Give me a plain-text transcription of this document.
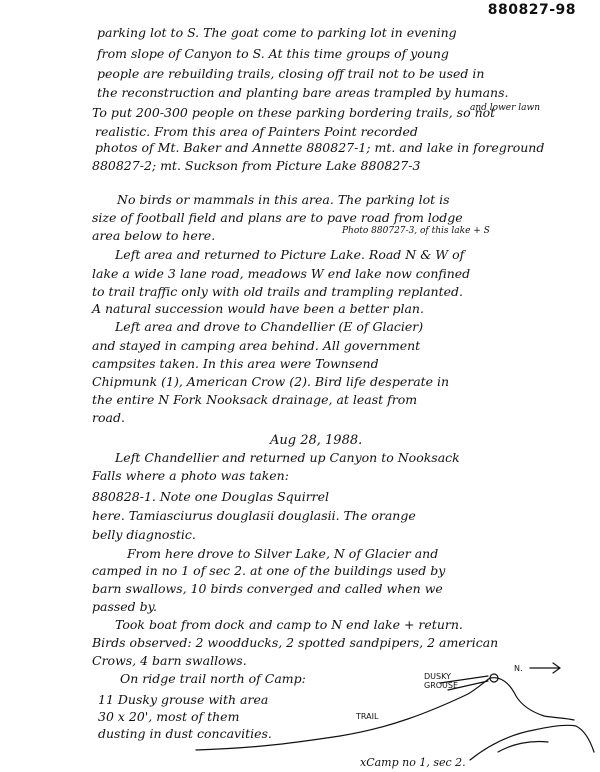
880827-98
parking lot to S. The goat come to parking lot in evening
from slope of Canyon to S. At this time groups of young
people are rebuilding trails, closing off trail not to be used in
the reconstruction and planting bare areas trampled by humans.
and lower lawn
To put 200-300 people on these parking bordering trails, so not
realistic. From this area of Painters Point recorded
photos of Mt. Baker and Annette 880827-1; mt. and lake in foreground
880827-2; mt. Suckson from Picture Lake 880827-3
No birds or mammals in this area. The parking lot is
size of football field and plans are to pave road from lodge
area below to here.	Photo 880727-3, of this lake + S
Left area and returned to Picture Lake. Road N & W of
lake a wide 3 lane road, meadows W end lake now confined
to trail traffic only with old trails and trampling replanted.
A natural succession would have been a better plan.
Left area and drove to Chandellier (E of Glacier)
and stayed in camping area behind. All government
campsites taken. In this area were Townsend
Chipmunk (1), American Crow (2). Bird life desperate in
the entire N Fork Nooksack drainage, at least from
road.
Aug 28, 1988.
Left Chandellier and returned up Canyon to Nooksack
Falls where a photo was taken:
880828-1. Note one Douglas Squirrel
here. Tamiasciurus douglasii douglasii. The orange
belly diagnostic.
From here drove to Silver Lake, N of Glacier and
camped in no 1 of sec 2. at one of the buildings used by
barn swallows, 10 birds converged and called when we
passed by.
Took boat from dock and camp to N end lake + return.
Birds observed: 2 woodducks, 2 spotted sandpipers, 2 american
Crows, 4 barn swallows.
On ridge trail north of Camp:
11 Dusky grouse with area
30 x 20', most of them
dusting in dust concavities.
DUSKY GROUSE
N.
TRAIL
xCamp no 1, sec 2.
